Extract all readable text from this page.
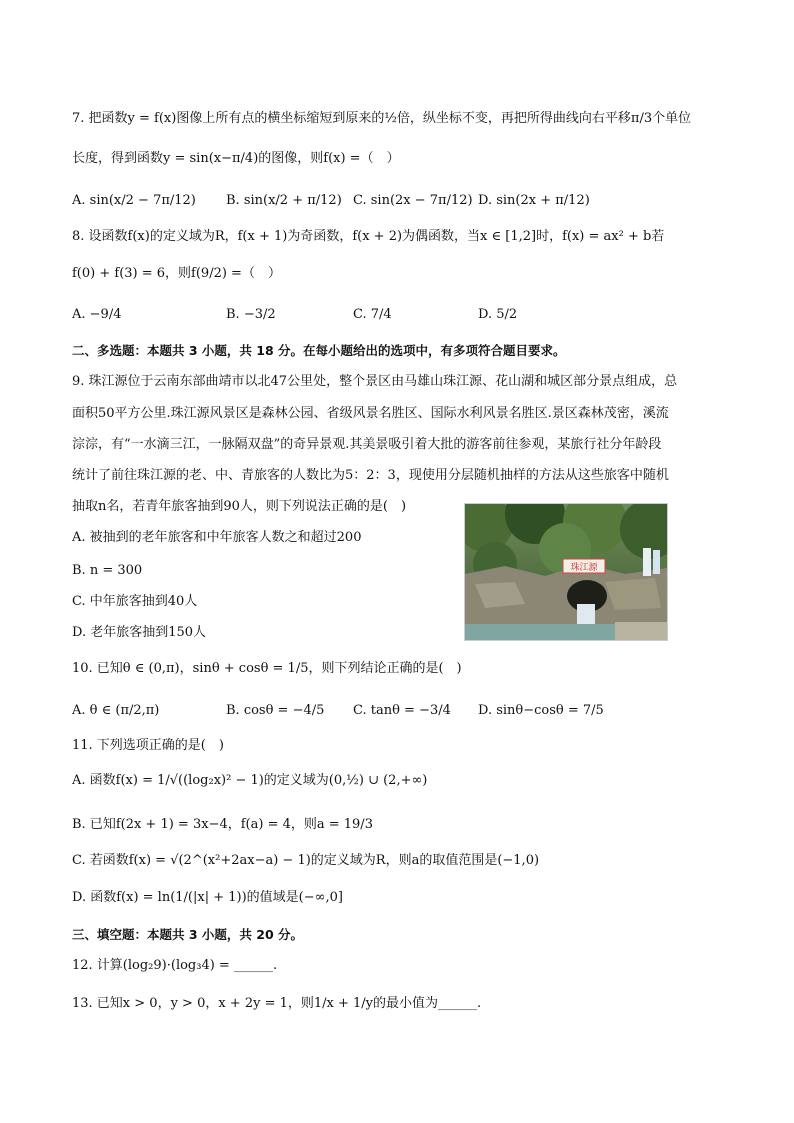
7. 把函数y = f(x)图像上所有点的横坐标缩短到原来的½倍，纵坐标不变，再把所得曲线向右平移π/3个单位
长度，得到函数y = sin(x−π/4)的图像，则f(x) =（　）
A. sin(x/2 − 7π/12) B. sin(x/2 + π/12) C. sin(2x − 7π/12) D. sin(2x + π/12)
8. 设函数f(x)的定义域为R，f(x + 1)为奇函数，f(x + 2)为偶函数，当x ∈ [1,2]时，f(x) = ax² + b若
f(0) + f(3) = 6，则f(9/2) =（　）
A. −9/4	B. −3/2	C. 7/4	D. 5/2
二、多选题：本题共 3 小题，共 18 分。在每小题给出的选项中，有多项符合题目要求。
9. 珠江源位于云南东部曲靖市以北47公里处，整个景区由马雄山珠江源、花山湖和城区部分景点组成，总
面积50平方公里.珠江源风景区是森林公园、省级风景名胜区、国际水利风景名胜区.景区森林茂密，溪流
淙淙，有“一水滴三江，一脉隔双盘”的奇异景观.其美景吸引着大批的游客前往参观，某旅行社分年龄段
统计了前往珠江源的老、中、青旅客的人数比为5：2：3，现使用分层随机抽样的方法从这些旅客中随机
抽取n名，若青年旅客抽到90人，则下列说法正确的是(　)
A. 被抽到的老年旅客和中年旅客人数之和超过200
B. n = 300
C. 中年旅客抽到40人
D. 老年旅客抽到150人
珠江源
10. 已知θ ∈ (0,π)，sinθ + cosθ = 1/5，则下列结论正确的是(　)
A. θ ∈ (π/2,π)	B. cosθ = −4/5 C. tanθ = −3/4 D. sinθ−cosθ = 7/5
11. 下列选项正确的是(　)
A. 函数f(x) = 1/√((log₂x)² − 1)的定义域为(0,½) ∪ (2,+∞)
B. 已知f(2x + 1) = 3x−4，f(a) = 4，则a = 19/3
C. 若函数f(x) = √(2^(x²+2ax−a) − 1)的定义域为R，则a的取值范围是(−1,0)
D. 函数f(x) = ln(1/(|x| + 1))的值域是(−∞,0]
三、填空题：本题共 3 小题，共 20 分。
12. 计算(log₂9)·(log₃4) = ______.
13. 已知x > 0，y > 0，x + 2y = 1，则1/x + 1/y的最小值为______.
